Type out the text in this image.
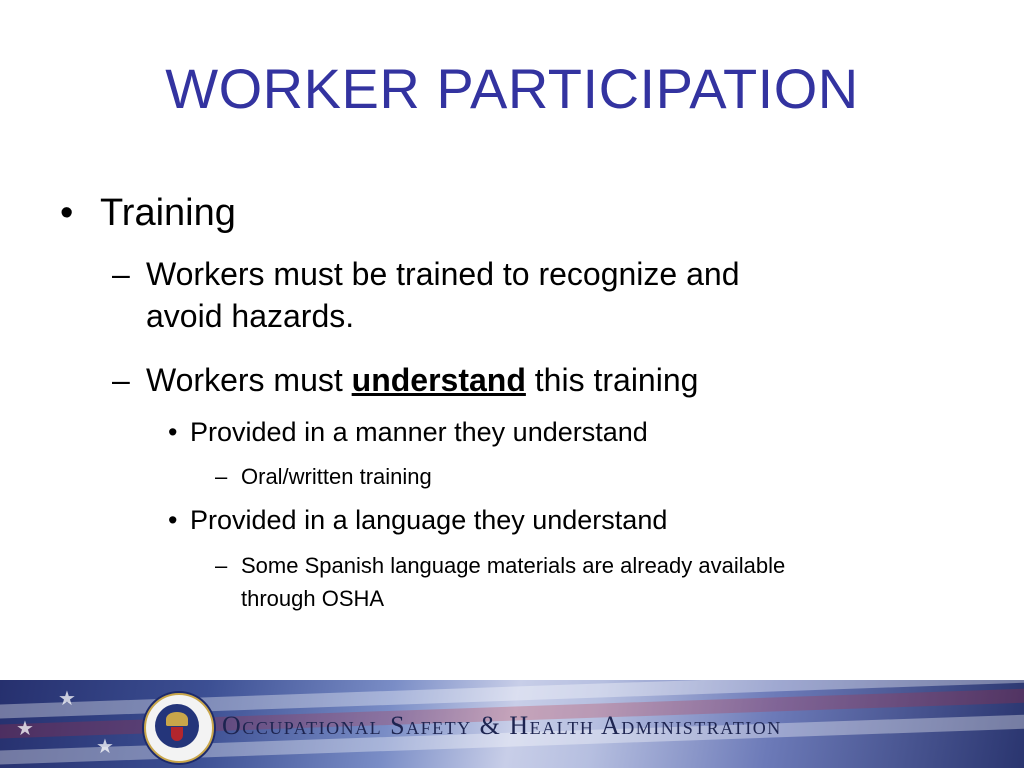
WORKER PARTICIPATION
• Training
– Workers must be trained to recognize and
avoid hazards.
– Workers must understand this training
• Provided in a manner they understand
– Oral/written training
• Provided in a language they understand
– Some Spanish language materials are already available
through OSHA
★
★
★
Occupational Safety & Health Administration
